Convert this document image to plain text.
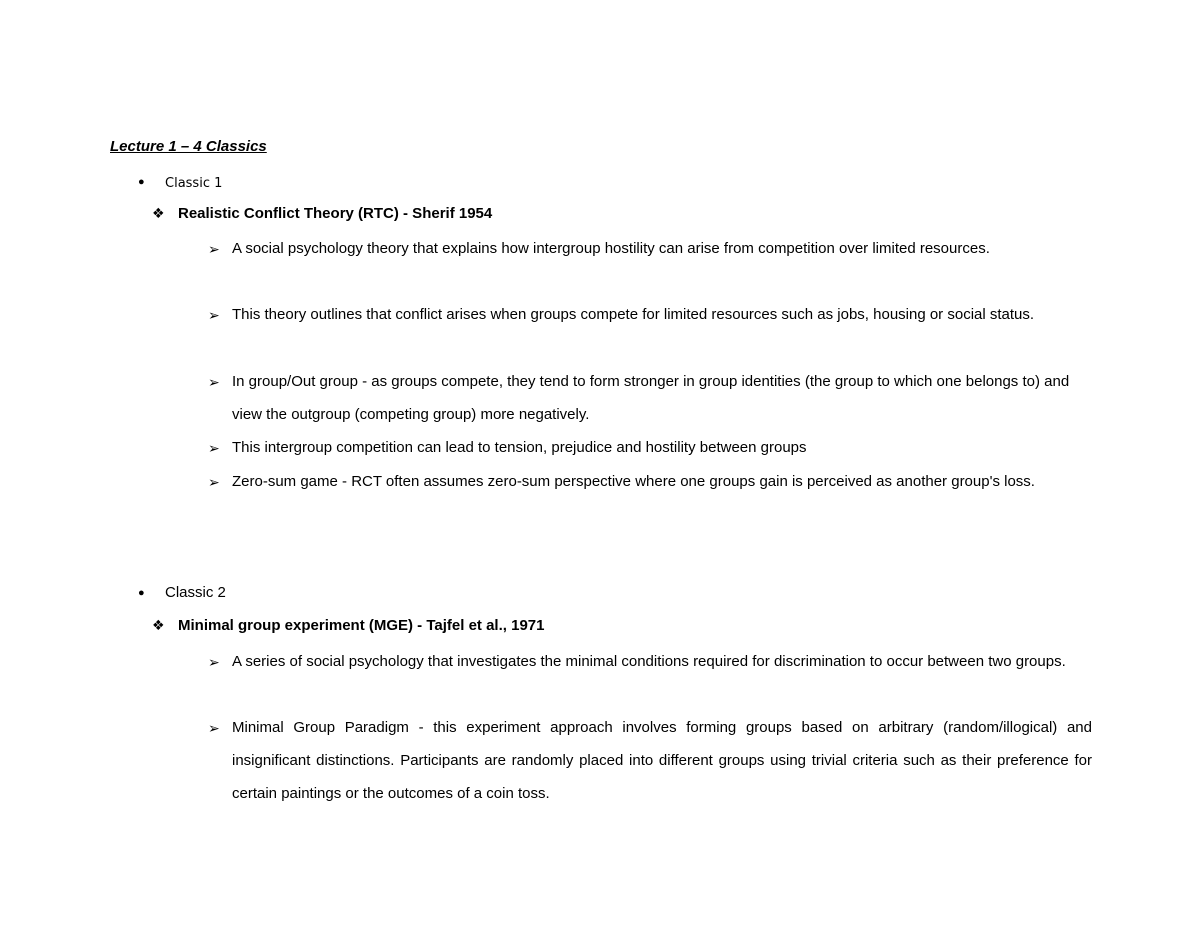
Lecture 1 – 4 Classics
● Classic 1
❖ Realistic Conflict Theory (RTC) - Sherif 1954
➢ A social psychology theory that explains how intergroup hostility can arise from competition over limited resources.
➢ This theory outlines that conflict arises when groups compete for limited resources such as jobs, housing or social status.
➢ In group/Out group - as groups compete, they tend to form stronger in group identities (the group to which one belongs to) and view the outgroup (competing group) more negatively.
➢ This intergroup competition can lead to tension, prejudice and hostility between groups
➢ Zero-sum game - RCT often assumes zero-sum perspective where one groups gain is perceived as another group's loss.
● Classic 2
❖ Minimal group experiment (MGE) - Tajfel et al., 1971
➢ A series of social psychology that investigates the minimal conditions required for discrimination to occur between two groups.
➢ Minimal Group Paradigm - this experiment approach involves forming groups based on arbitrary (random/illogical) and insignificant distinctions. Participants are randomly placed into different groups using trivial criteria such as their preference for certain paintings or the outcomes of a coin toss.
